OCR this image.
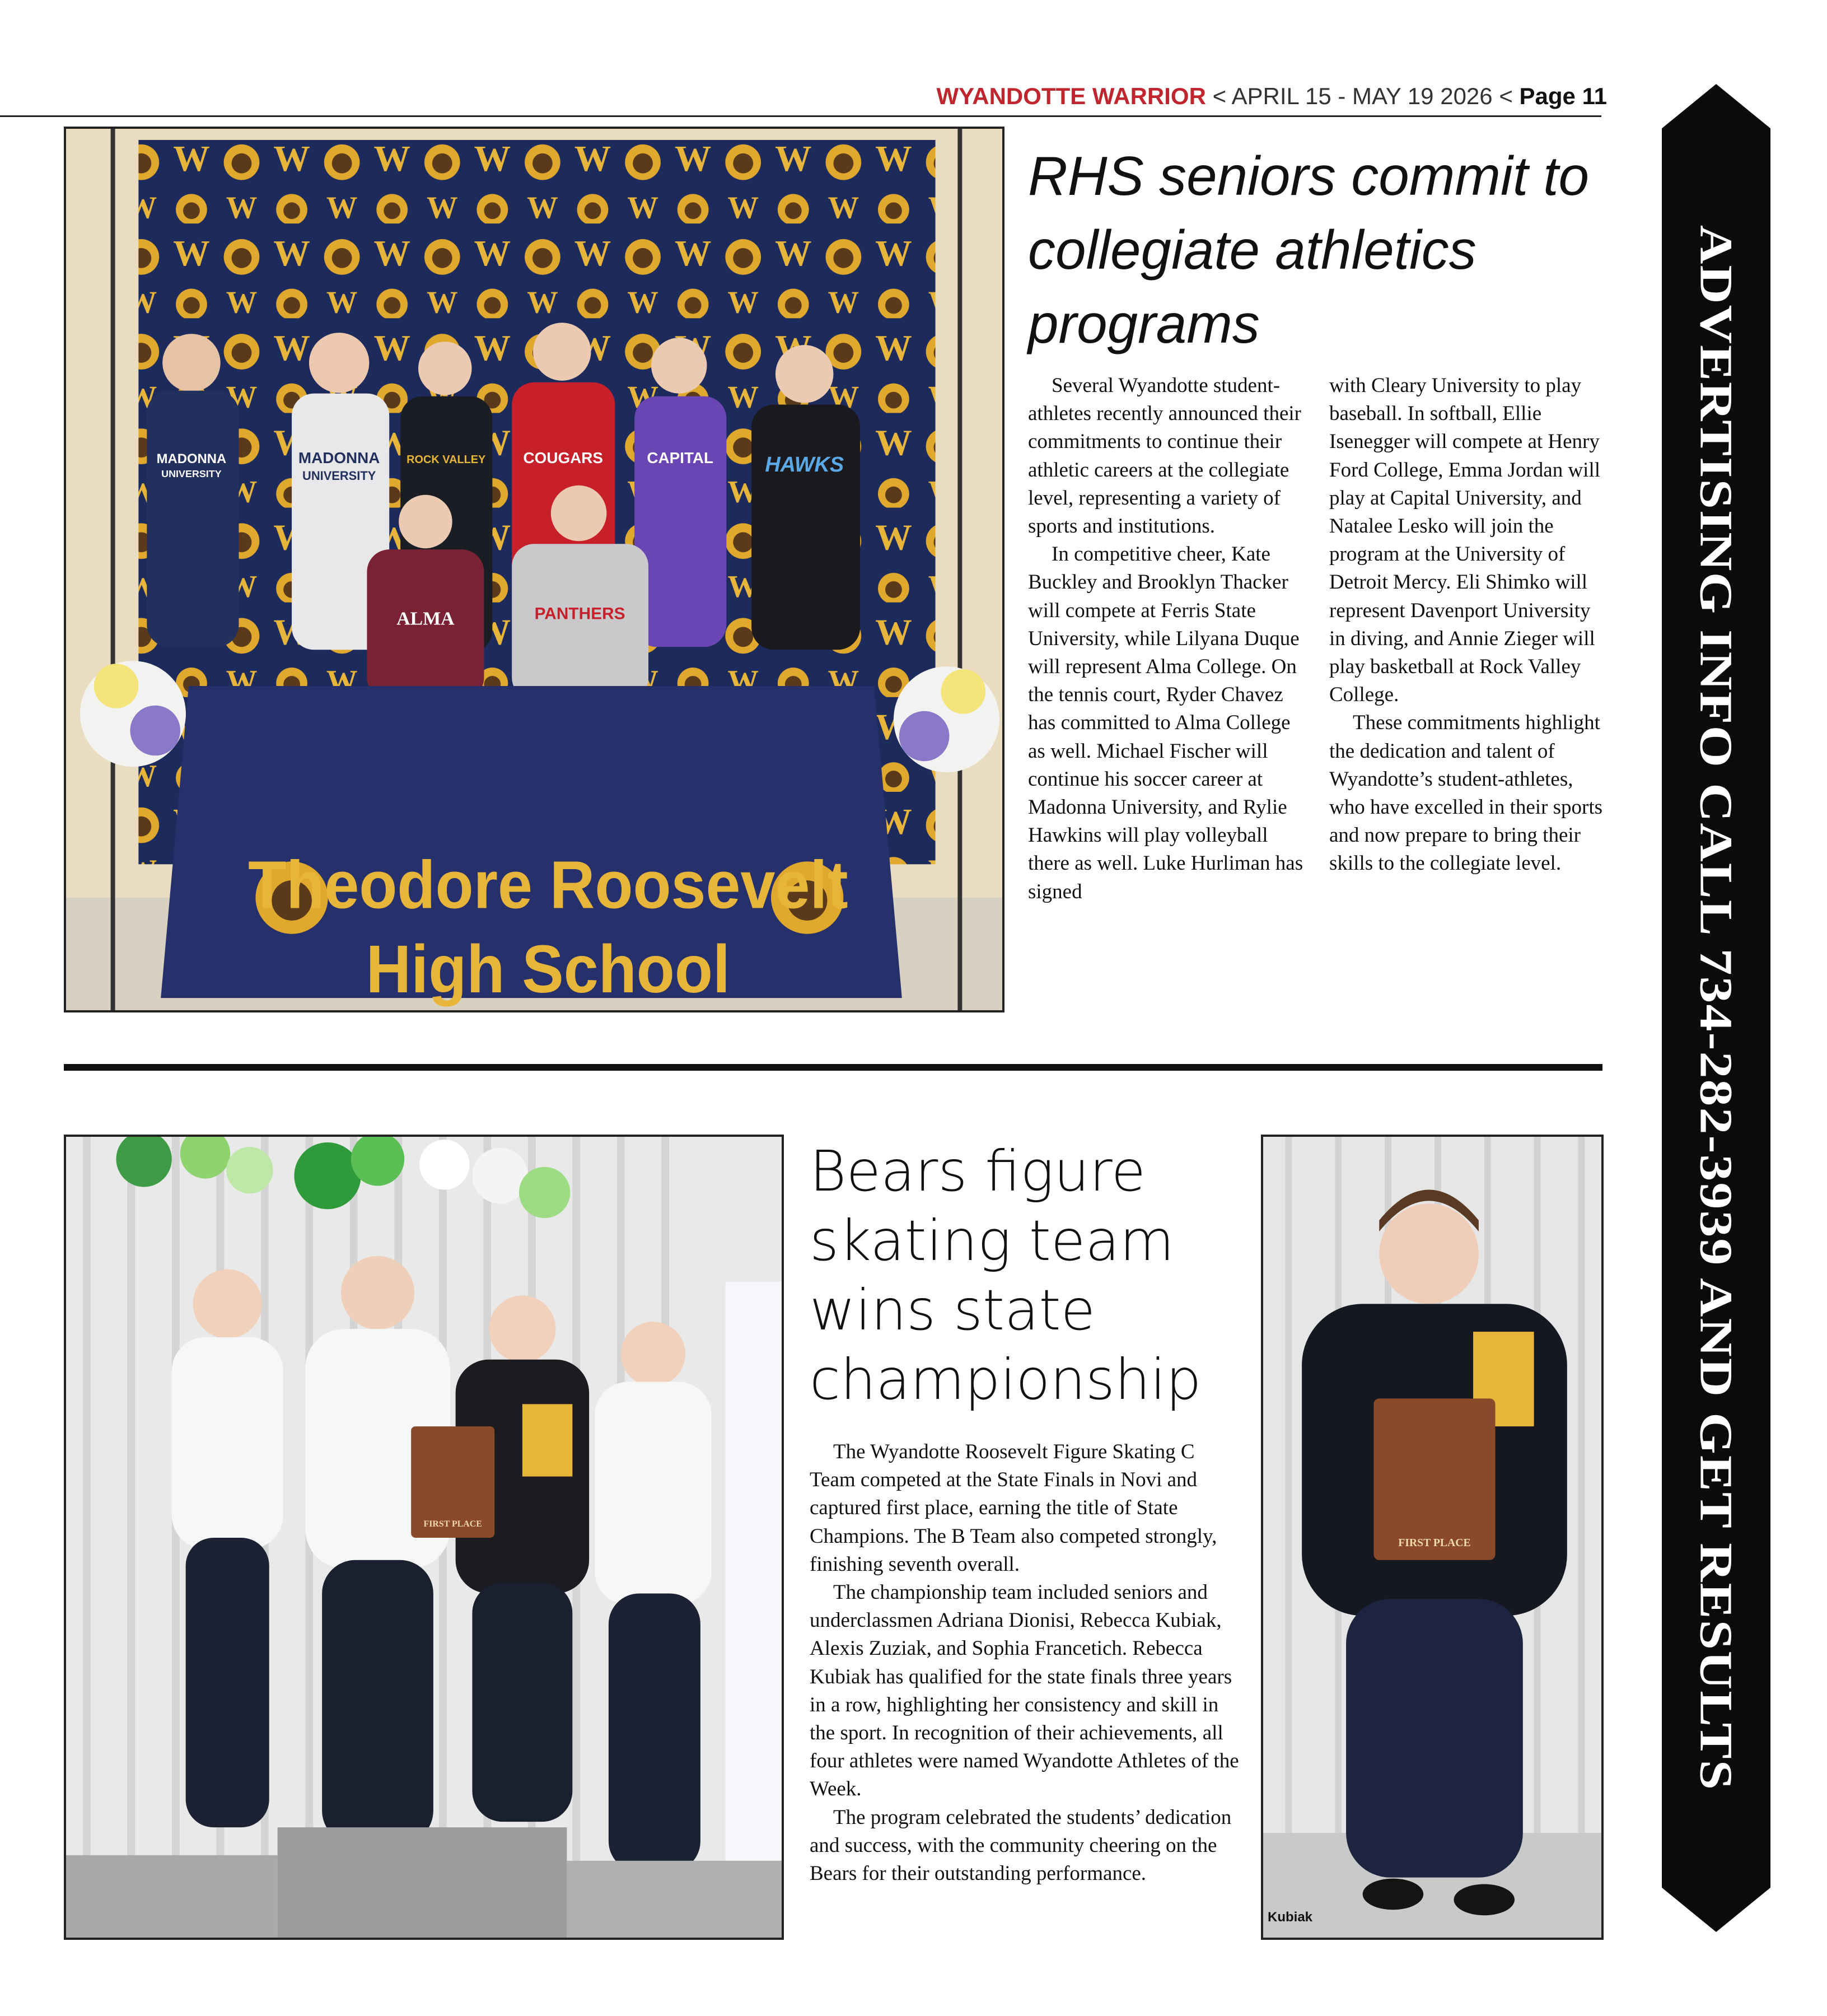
WYANDOTTE WARRIOR < APRIL 15 - MAY 19 2026 < Page 11
MADONNA
UNIVERSITY
MADONNA
UNIVERSITY
ROCK VALLEY COUGARS	CAPITAL HAWKS
ALMA	PANTHERS
Theodore Roosevelt
High School
RHS seniors commit to collegiate athletics programs

Several Wyandotte student-athletes recently announced their commitments to continue their athletic careers at the collegiate level, representing a variety of sports and institutions.

In competitive cheer, Kate Buckley and Brooklyn Thacker will compete at Ferris State University, while Lilyana Duque will represent Alma College. On the tennis court, Ryder Chavez has committed to Alma College as well. Michael Fischer will continue his soccer career at Madonna University, and Rylie Hawkins will play volleyball there as well. Luke Hurliman has signed

with Cleary University to play baseball. In softball, Ellie Isenegger will compete at Henry Ford College, Emma Jordan will play at Capital University, and Natalee Lesko will join the program at the University of Detroit Mercy. Eli Shimko will represent Davenport University in diving, and Annie Zieger will play basketball at Rock Valley College.

These commitments highlight the dedication and talent of Wyandotte’s student-athletes, who have excelled in their sports and now prepare to bring their skills to the collegiate level.

FIRST PLACE
Bears figure skating team wins state championship

The Wyandotte Roosevelt Figure Skating C Team competed at the State Finals in Novi and captured first place, earning the title of State Champions. The B Team also competed strongly, finishing seventh overall.

The championship team included seniors and underclassmen Adriana Dionisi, Rebecca Kubiak, Alexis Zuziak, and Sophia Francetich. Rebecca Kubiak has qualified for the state finals three years in a row, highlighting her consistency and skill in the sport. In recognition of their achievements, all four athletes were named Wyandotte Athletes of the Week.

The program celebrated the students’ dedication and success, with the community cheering on the Bears for their outstanding performance.

FIRST PLACE
Kubiak
ADVERTISING INFO CALL 734-282-3939 AND GET RESULTS
